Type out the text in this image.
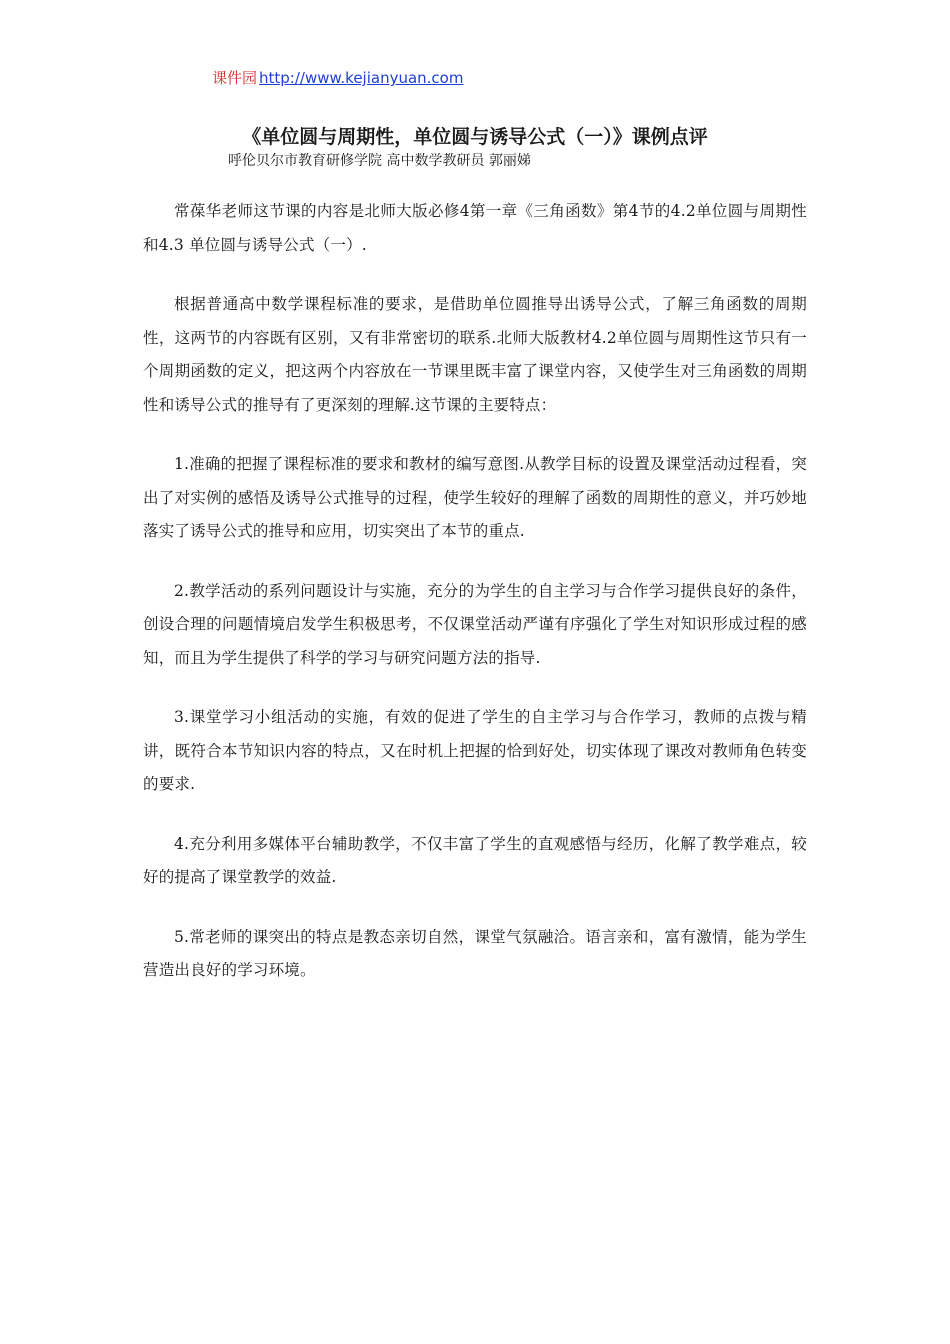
课件园 http://www.kejianyuan.com
《单位圆与周期性，单位圆与诱导公式（一）》课例点评
呼伦贝尔市教育研修学院 高中数学教研员 郭丽娣

常葆华老师这节课的内容是北师大版必修4第一章《三角函数》第4节的4.2单位圆与周期性和4.3 单位圆与诱导公式（一）.

根据普通高中数学课程标准的要求，是借助单位圆推导出诱导公式，了解三角函数的周期性，这两节的内容既有区别，又有非常密切的联系.北师大版教材4.2单位圆与周期性这节只有一个周期函数的定义，把这两个内容放在一节课里既丰富了课堂内容，又使学生对三角函数的周期性和诱导公式的推导有了更深刻的理解.这节课的主要特点：

1.准确的把握了课程标准的要求和教材的编写意图.从教学目标的设置及课堂活动过程看，突出了对实例的感悟及诱导公式推导的过程，使学生较好的理解了函数的周期性的意义，并巧妙地落实了诱导公式的推导和应用，切实突出了本节的重点.

2.教学活动的系列问题设计与实施，充分的为学生的自主学习与合作学习提供良好的条件，创设合理的问题情境启发学生积极思考，不仅课堂活动严谨有序强化了学生对知识形成过程的感知，而且为学生提供了科学的学习与研究问题方法的指导.

3.课堂学习小组活动的实施，有效的促进了学生的自主学习与合作学习，教师的点拨与精讲，既符合本节知识内容的特点，又在时机上把握的恰到好处，切实体现了课改对教师角色转变的要求.

4.充分利用多媒体平台辅助教学，不仅丰富了学生的直观感悟与经历，化解了教学难点，较好的提高了课堂教学的效益.

5.常老师的课突出的特点是教态亲切自然，课堂气氛融洽。语言亲和，富有激情，能为学生营造出良好的学习环境。
